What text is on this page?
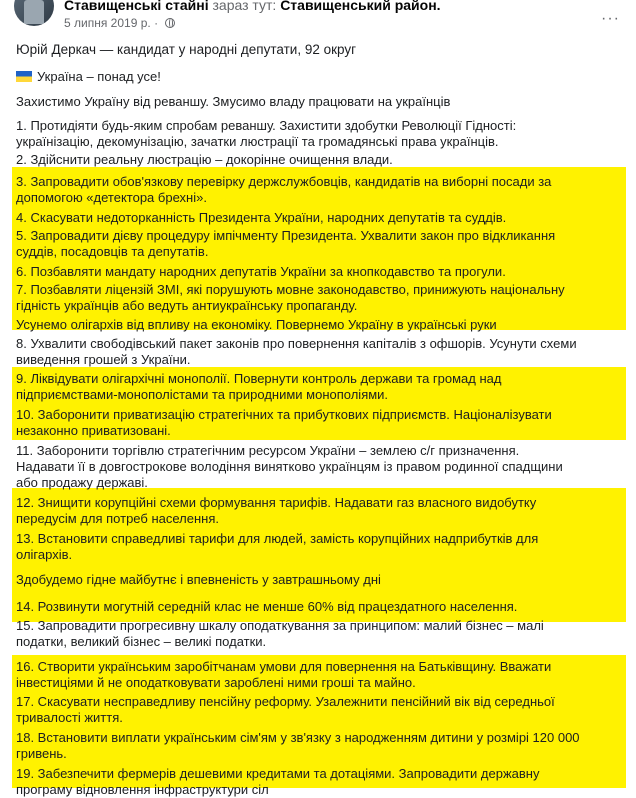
Ставищенські стайні зараз тут: Ставищенський район.
5 липня 2019 р. ·	···
Юрій Деркач — кандидат у народні депутати, 92 округ
Україна – понад усе!
Захистимо Україну від реваншу. Змусимо владу працювати на українців
1. Протидіяти будь-яким спробам реваншу. Захистити здобутки Революції Гідності:
українізацію, декомунізацію, зачатки люстрації та громадянські права українців.
2. Здійснити реальну люстрацію – докорінне очищення влади.
3. Запровадити обов'язкову перевірку держслужбовців, кандидатів на виборні посади за
допомогою «детектора брехні».
4. Скасувати недоторканність Президента України, народних депутатів та суддів.
5. Запровадити дієву процедуру імпічменту Президента. Ухвалити закон про відкликання
суддів, посадовців та депутатів.
6. Позбавляти мандату народних депутатів України за кнопкодавство та прогули.
7. Позбавляти ліцензій ЗМІ, які порушують мовне законодавство, принижують національну
гідність українців або ведуть антиукраїнську пропаганду.
Усунемо олігархів від впливу на економіку. Повернемо Україну в українські руки
8. Ухвалити свободівський пакет законів про повернення капіталів з офшорів. Усунути схеми
виведення грошей з України.
9. Ліквідувати олігархічні монополії. Повернути контроль держави та громад над
підприємствами-монополістами та природними монополіями.
10. Заборонити приватизацію стратегічних та прибуткових підприємств. Націоналізувати
незаконно приватизовані.
11. Заборонити торгівлю стратегічним ресурсом України – землею с/г призначення.
Надавати її в довгострокове володіння винятково українцям із правом родинної спадщини
або продажу державі.
12. Знищити корупційні схеми формування тарифів. Надавати газ власного видобутку
передусім для потреб населення.
13. Встановити справедливі тарифи для людей, замість корупційних надприбутків для
олігархів.
Здобудемо гідне майбутнє і впевненість у завтрашньому дні
14. Розвинути могутній середній клас не менше 60% від працездатного населення.
15. Запровадити прогресивну шкалу оподаткування за принципом: малий бізнес – малі
податки, великий бізнес – великі податки.
16. Створити українським заробітчанам умови для повернення на Батьківщину. Вважати
інвестиціями й не оподатковувати зароблені ними гроші та майно.
17. Скасувати несправедливу пенсійну реформу. Узалежнити пенсійний вік від середньої
тривалості життя.
18. Встановити виплати українським сім'ям у зв'язку з народженням дитини у розмірі 120 000
гривень.
19. Забезпечити фермерів дешевими кредитами та дотаціями. Запровадити державну
програму відновлення інфраструктури сіл
